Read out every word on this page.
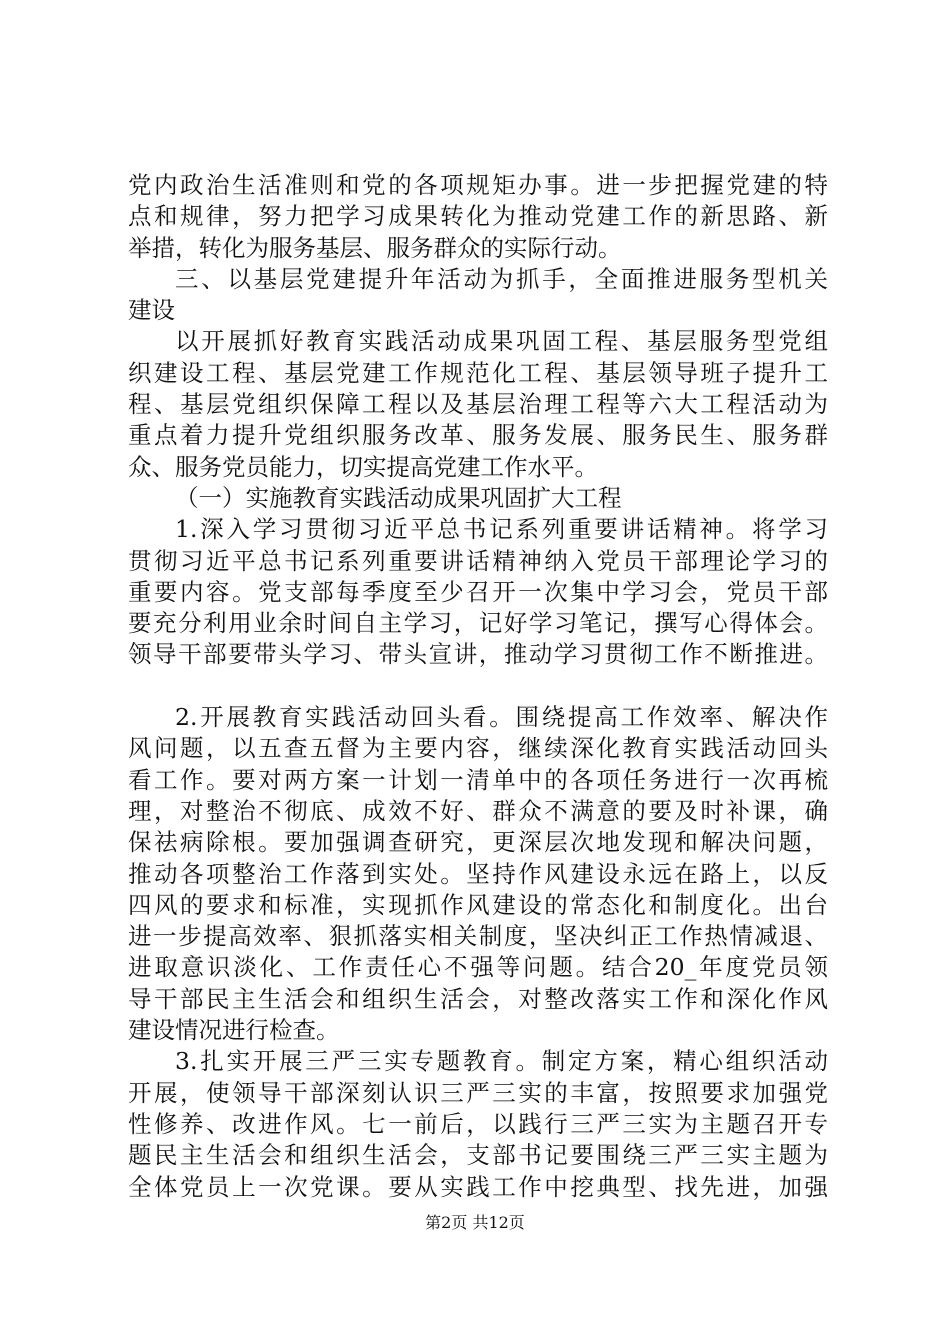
党内政治生活准则和党的各项规矩办事。进一步把握党建的特
点和规律，努力把学习成果转化为推动党建工作的新思路、新
举措，转化为服务基层、服务群众的实际行动。
三、以基层党建提升年活动为抓手，全面推进服务型机关
建设
以开展抓好教育实践活动成果巩固工程、基层服务型党组
织建设工程、基层党建工作规范化工程、基层领导班子提升工
程、基层党组织保障工程以及基层治理工程等六大工程活动为
重点着力提升党组织服务改革、服务发展、服务民生、服务群
众、服务党员能力，切实提高党建工作水平。
（一）实施教育实践活动成果巩固扩大工程
1.深入学习贯彻习近平总书记系列重要讲话精神。将学习
贯彻习近平总书记系列重要讲话精神纳入党员干部理论学习的
重要内容。党支部每季度至少召开一次集中学习会，党员干部
要充分利用业余时间自主学习，记好学习笔记，撰写心得体会。
领导干部要带头学习、带头宣讲，推动学习贯彻工作不断推进。

2.开展教育实践活动回头看。围绕提高工作效率、解决作
风问题，以五查五督为主要内容，继续深化教育实践活动回头
看工作。要对两方案一计划一清单中的各项任务进行一次再梳
理，对整治不彻底、成效不好、群众不满意的要及时补课，确
保祛病除根。要加强调查研究，更深层次地发现和解决问题，
推动各项整治工作落到实处。坚持作风建设永远在路上，以反
四风的要求和标准，实现抓作风建设的常态化和制度化。出台
进一步提高效率、狠抓落实相关制度，坚决纠正工作热情减退、
进取意识淡化、工作责任心不强等问题。结合20_年度党员领
导干部民主生活会和组织生活会，对整改落实工作和深化作风
建设情况进行检查。
3.扎实开展三严三实专题教育。制定方案，精心组织活动
开展，使领导干部深刻认识三严三实的丰富，按照要求加强党
性修养、改进作风。七一前后，以践行三严三实为主题召开专
题民主生活会和组织生活会，支部书记要围绕三严三实主题为
全体党员上一次党课。要从实践工作中挖典型、找先进，加强
第2页 共12页
